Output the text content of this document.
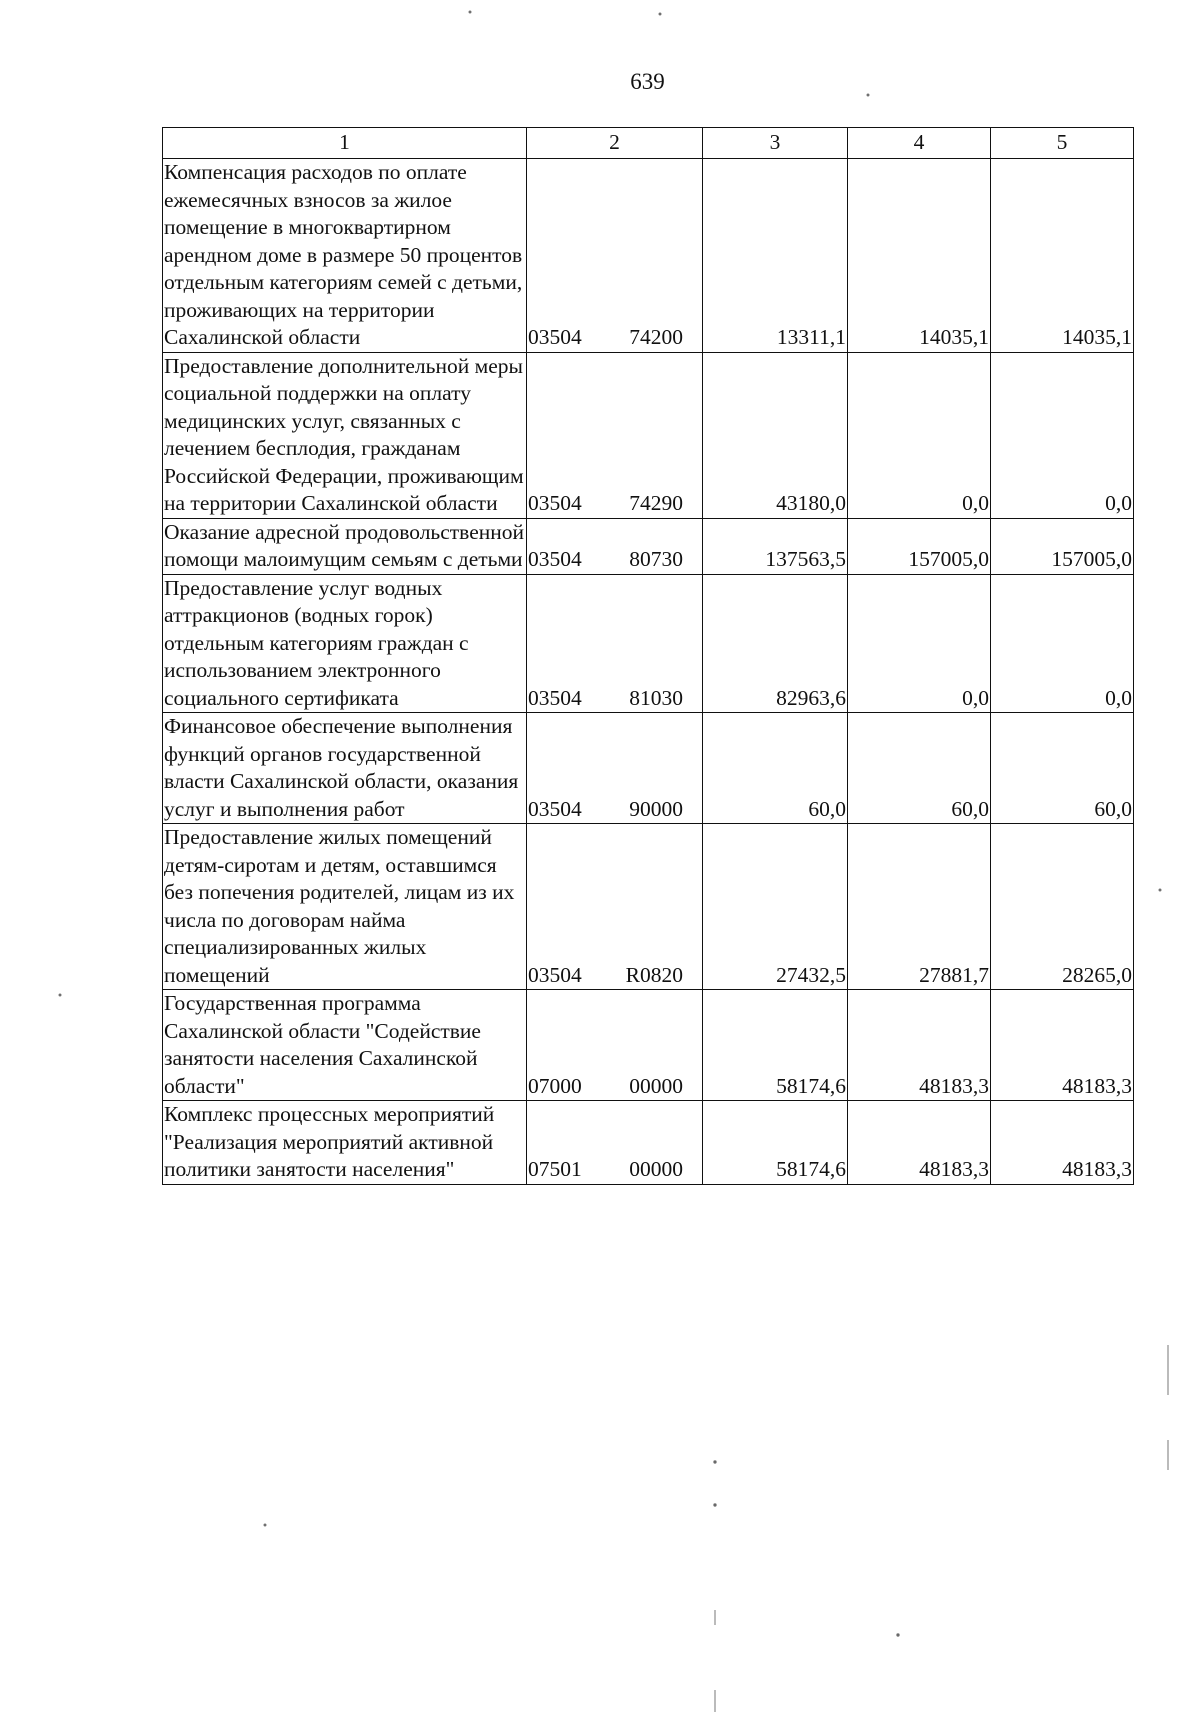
639
1	2	3	4	5
Компенсация расходов по оплате ежемесячных взносов за жилое помещение в многоквартирном арендном доме в размере 50 процентов отдельным категориям семей с детьми, проживающих на территории Сахалинской области	03504 74200	13311,1	14035,1	14035,1
Предоставление дополнительной меры социальной поддержки на оплату медицинских услуг, связанных с лечением бесплодия, гражданам Российской Федерации, проживающим на территории Сахалинской области	03504 74290	43180,0	0,0	0,0
Оказание адресной продовольственной помощи малоимущим семьям с детьми	03504 80730	137563,5	157005,0	157005,0
Предоставление услуг водных аттракционов (водных горок) отдельным категориям граждан с использованием электронного социального сертификата	03504 81030	82963,6	0,0	0,0
Финансовое обеспечение выполнения функций органов государственной власти Сахалинской области, оказания услуг и выполнения работ	03504 90000	60,0	60,0	60,0
Предоставление жилых помещений детям-сиротам и детям, оставшимся без попечения родителей, лицам из их числа по договорам найма специализированных жилых помещений	03504 R0820	27432,5	27881,7	28265,0
Государственная программа Сахалинской области "Содействие занятости населения Сахалинской области"	07000 00000	58174,6	48183,3	48183,3
Комплекс процессных мероприятий "Реализация мероприятий активной политики занятости населения"	07501 00000	58174,6	48183,3	48183,3
